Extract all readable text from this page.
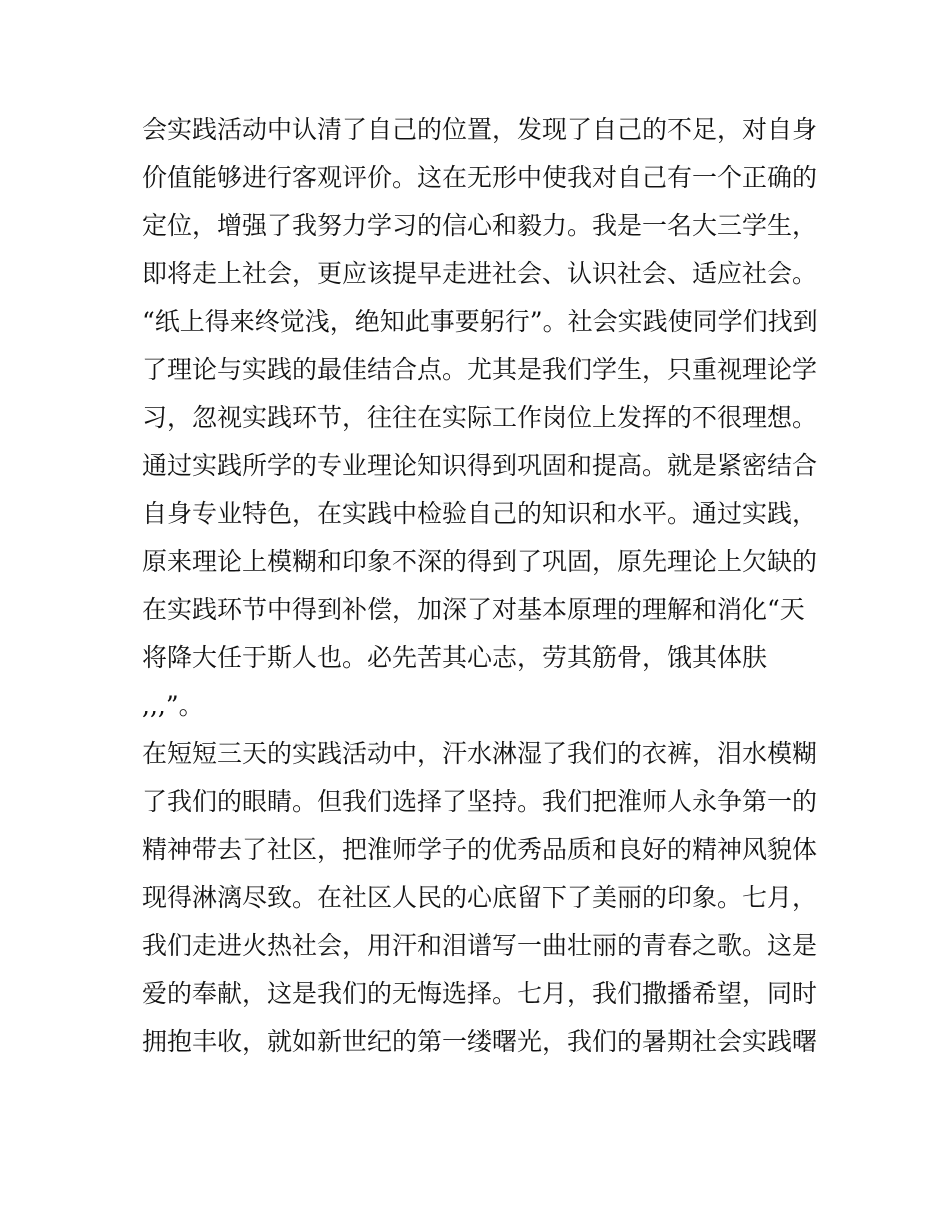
会实践活动中认清了自己的位置，发现了自己的不足，对自身
价值能够进行客观评价。这在无形中使我对自己有一个正确的
定位，增强了我努力学习的信心和毅力。我是一名大三学生，
即将走上社会，更应该提早走进社会、认识社会、适应社会。
“纸上得来终觉浅，绝知此事要躬行”。社会实践使同学们找到
了理论与实践的最佳结合点。尤其是我们学生，只重视理论学
习，忽视实践环节，往往在实际工作岗位上发挥的不很理想。
通过实践所学的专业理论知识得到巩固和提高。就是紧密结合
自身专业特色，在实践中检验自己的知识和水平。通过实践，
原来理论上模糊和印象不深的得到了巩固，原先理论上欠缺的
在实践环节中得到补偿，加深了对基本原理的理解和消化“天
将降大任于斯人也。必先苦其心志，劳其筋骨，饿其体肤
,,,”。
在短短三天的实践活动中，汗水淋湿了我们的衣裤，泪水模糊
了我们的眼睛。但我们选择了坚持。我们把淮师人永争第一的
精神带去了社区，把淮师学子的优秀品质和良好的精神风貌体
现得淋漓尽致。在社区人民的心底留下了美丽的印象。七月，
我们走进火热社会，用汗和泪谱写一曲壮丽的青春之歌。这是
爱的奉献，这是我们的无悔选择。七月，我们撒播希望，同时
拥抱丰收，就如新世纪的第一缕曙光，我们的暑期社会实践曙
